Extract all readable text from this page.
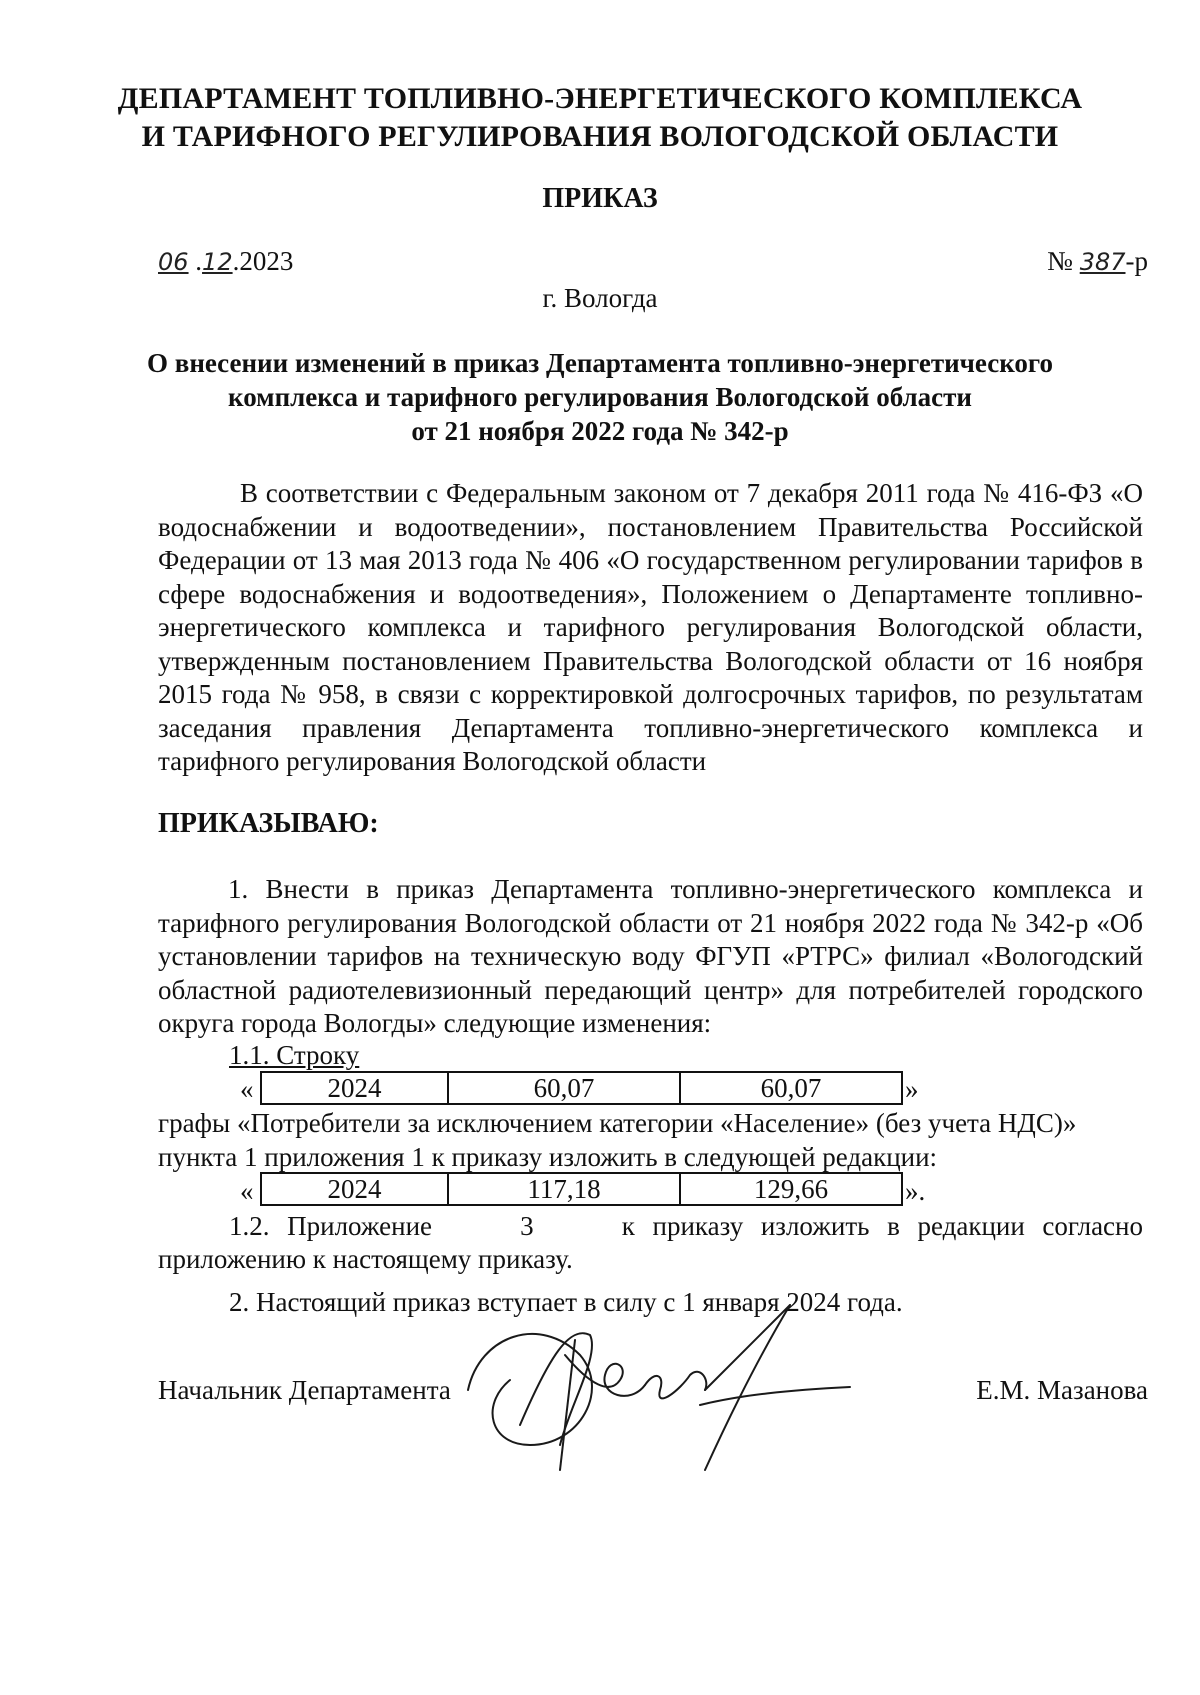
ДЕПАРТАМЕНТ ТОПЛИВНО-ЭНЕРГЕТИЧЕСКОГО КОМПЛЕКСА
И ТАРИФНОГО РЕГУЛИРОВАНИЯ ВОЛОГОДСКОЙ ОБЛАСТИ
ПРИКАЗ
06 .12.2023	№ 387-р
г. Вологда
О внесении изменений в приказ Департамента топливно-энергетического
комплекса и тарифного регулирования Вологодской области
от 21 ноября 2022 года № 342-р
В соответствии с Федеральным законом от 7 декабря 2011 года № 416-ФЗ «О водоснабжении и водоотведении», постановлением Правительства Российской Федерации от 13 мая 2013 года № 406 «О государственном регулировании тарифов в сфере водоснабжения и водоотведения», Положением о Департаменте топливно-энергетического комплекса и тарифного регулирования Вологодской области, утвержденным постановлением Правительства Вологодской области от 16 ноября 2015 года № 958, в связи с корректировкой долгосрочных тарифов, по результатам заседания правления Департамента топливно-энергетического комплекса и тарифного регулирования Вологодской области
ПРИКАЗЫВАЮ:
1. Внести в приказ Департамента топливно-энергетического комплекса и тарифного регулирования Вологодской области от 21 ноября 2022 года № 342-р «Об установлении тарифов на техническую воду ФГУП «РТРС» филиал «Вологодский областной радиотелевизионный передающий центр» для потребителей городского округа города Вологды» следующие изменения:
1.1. Строку
«	2024	60,07	60,07	»
графы «Потребители за исключением категории «Население» (без учета НДС)»
пункта 1 приложения 1 к приказу изложить в следующей редакции:
«	2024	117,18	129,66	».
1.2. Приложение     3     к приказу изложить в редакции согласно
приложению к настоящему приказу.
2. Настоящий приказ вступает в силу с 1 января 2024 года.
Начальник Департамента	Е.М. Мазанова
